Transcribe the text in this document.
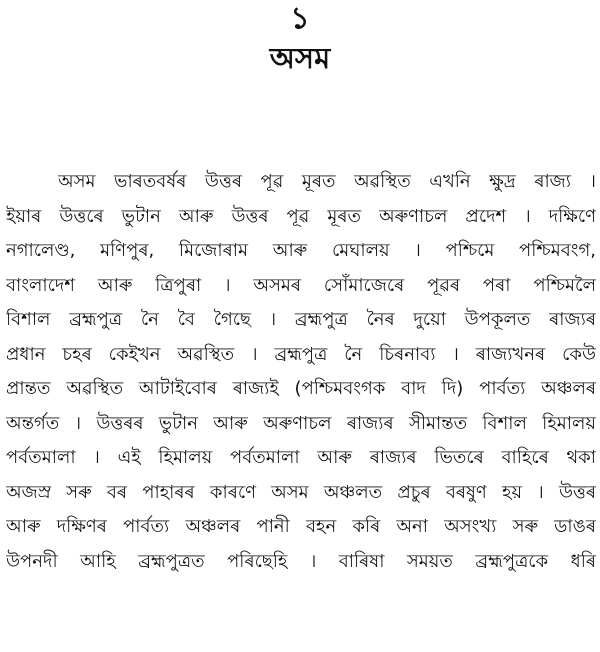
১
অসম
অসম ভাৰতবৰ্ষৰ উত্তৰ পূৱ মূৰত অৱস্থিত এখনি ক্ষুদ্ৰ ৰাজ্য ।
ইয়াৰ উত্তৰে ভুটান আৰু উত্তৰ পূৱ মূৰত অৰুণাচল প্ৰদেশ । দক্ষিণে
নগালেণ্ড, মণিপুৰ, মিজোৰাম আৰু মেঘালয় । পশ্চিমে পশ্চিমবংগ,
বাংলাদেশ আৰু ত্ৰিপুৰা । অসমৰ সোঁমাজেৰে পূৱৰ পৰা পশ্চিমলৈ
বিশাল ব্ৰহ্মপুত্ৰ নৈ বৈ গৈছে । ব্ৰহ্মপুত্ৰ নৈৰ দুয়ো উপকূলত ৰাজ্যৰ
প্ৰধান চহৰ কেইখন অৱস্থিত । ব্ৰহ্মপুত্ৰ নৈ চিৰনাব্য । ৰাজ্যখনৰ কেউ
প্ৰান্তত অৱস্থিত আটাইবোৰ ৰাজ্যই (পশ্চিমবংগক বাদ দি) পাৰ্বত্য অঞ্চলৰ
অন্তৰ্গত । উত্তৰৰ ভুটান আৰু অৰুণাচল ৰাজ্যৰ সীমান্তত বিশাল হিমালয়
পৰ্বতমালা । এই হিমালয় পৰ্বতমালা আৰু ৰাজ্যৰ ভিতৰে বাহিৰে থকা
অজস্ৰ সৰু বৰ পাহাৰৰ কাৰণে অসম অঞ্চলত প্ৰচুৰ বৰষুণ হয় । উত্তৰ
আৰু দক্ষিণৰ পাৰ্বত্য অঞ্চলৰ পানী বহন কৰি অনা অসংখ্য সৰু ডাঙৰ
উপনদী আহি ব্ৰহ্মপুত্ৰত পৰিছেহি । বাৰিষা সময়ত ব্ৰহ্মপুত্ৰকে ধৰি
